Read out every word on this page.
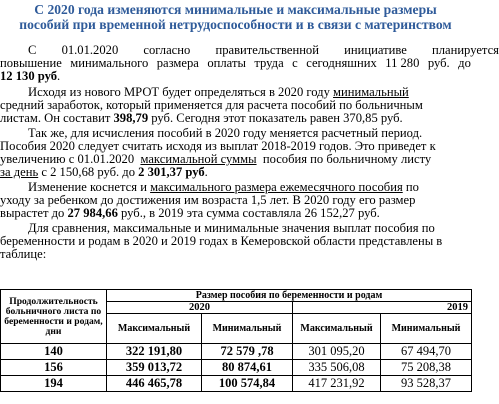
С 2020 года изменяются минимальные и максимальные размеры
пособий при временной нетрудоспособности и в связи с материнством
С 01.01.2020 согласно правительственной инициативе планируется
повышение минимального размера оплаты труда с сегодняшних 11 280 руб. до
12 130 руб.
Исходя из нового МРОТ будет определяться в 2020 году минимальный
средний заработок, который применяется для расчета пособий по больничным
листам. Он составит 398,79 руб. Сегодня этот показатель равен 370,85 руб.
Так же, для исчисления пособий в 2020 году меняется расчетный период.
Пособия 2020 следует считать исходя из выплат 2018-2019 годов. Это приведет к
увеличению с 01.01.2020 максимальной суммы пособия по больничному листу
за день с 2 150,68 руб. до 2 301,37 руб.
Изменение коснется и максимального размера ежемесячного пособия по
уходу за ребенком до достижения им возраста 1,5 лет. В 2020 году его размер
вырастет до 27 984,66 руб., в 2019 эта сумма составляла 26 152,27 руб.
Для сравнения, максимальные и минимальные значения выплат пособия по
беременности и родам в 2020 и 2019 годах в Кемеровской области представлены в
таблице:
Продолжительность больничного листа по беременности и родам, дни	Размер пособия по беременности и родам			
	2020		2019	
	Максимальный	Минимальный	Максимальный	Минимальный
140	322 191,80	72 579 ,78	301 095,20	67 494,70
156	359 013,72	80 874,61	335 506,08	75 208,38
194	446 465,78	100 574,84	417 231,92	93 528,37
